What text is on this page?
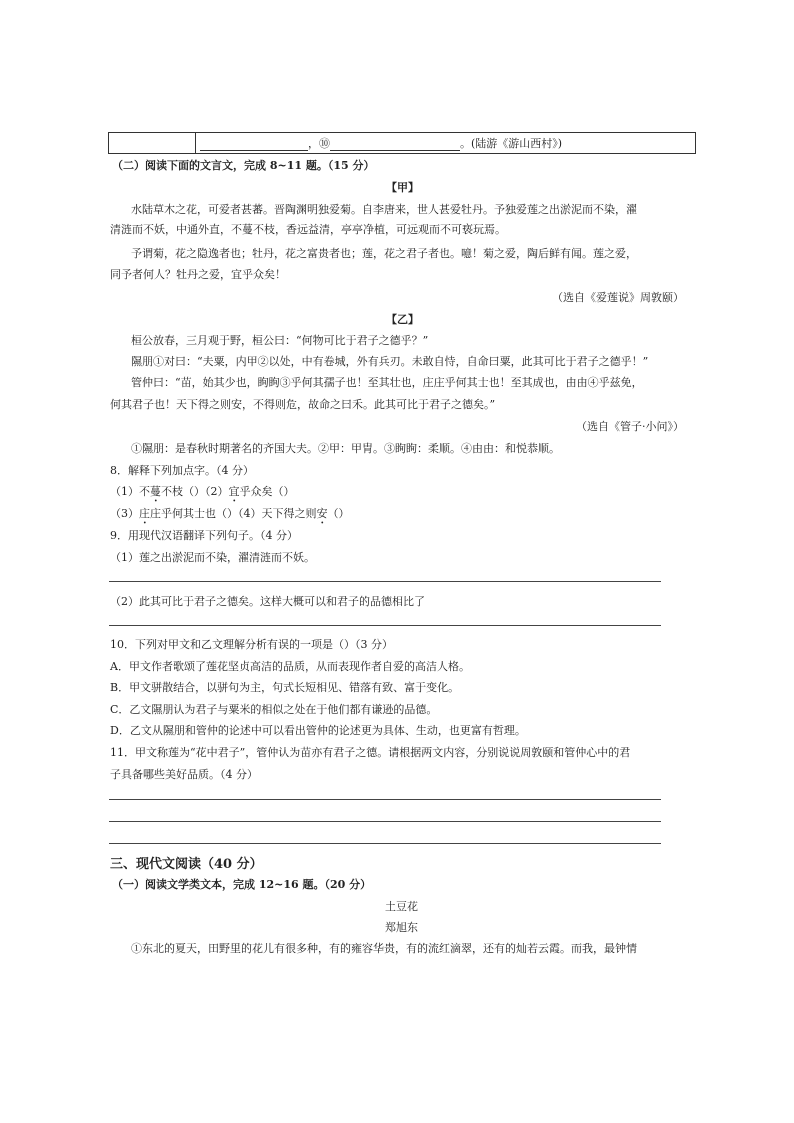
	，⑩	。(陆游《游山西村》)
（二）阅读下面的文言文，完成 8~11 题。（15 分）
【甲】
水陆草木之花，可爱者甚蕃。晋陶渊明独爱菊。自李唐来，世人甚爱牡丹。予独爱莲之出淤泥而不染，濯
清涟而不妖，中通外直，不蔓不枝，香远益清，亭亭净植，可远观而不可亵玩焉。
予谓菊，花之隐逸者也；牡丹，花之富贵者也；莲，花之君子者也。噫！菊之爱，陶后鲜有闻。莲之爱，
同予者何人？牡丹之爱，宜乎众矣！
（选自《爱莲说》周敦颐）
【乙】
桓公放春，三月观于野，桓公曰：“何物可比于君子之德乎？”
隰朋①对曰：“夫粟，内甲②以处，中有卷城，外有兵刃。未敢自恃，自命曰粟，此其可比于君子之德乎！”
管仲曰：“苗，始其少也，眴眴③乎何其孺子也！至其壮也，庄庄乎何其士也！至其成也，由由④乎兹免，
何其君子也！天下得之则安，不得则危，故命之曰禾。此其可比于君子之德矣。”
（选自《管子·小问》）
①隰朋：是春秋时期著名的齐国大夫。②甲：甲胄。③眴眴：柔顺。④由由：和悦恭顺。
8．解释下列加点字。（4 分）
（1）不蔓不枝（）（2）宜乎众矣（）
（3）庄庄乎何其士也（）（4）天下得之则安（）
9．用现代汉语翻译下列句子。（4 分）
（1）莲之出淤泥而不染，濯清涟而不妖。
（2）此其可比于君子之德矣。这样大概可以和君子的品德相比了
10．下列对甲文和乙文理解分析有误的一项是（）（3 分）
A．甲文作者歌颂了莲花坚贞高洁的品质，从而表现作者自爱的高洁人格。
B．甲文骈散结合，以骈句为主，句式长短相见、错落有致、富于变化。
C．乙文隰朋认为君子与粟米的相似之处在于他们都有谦逊的品德。
D．乙文从隰朋和管仲的论述中可以看出管仲的论述更为具体、生动，也更富有哲理。
11．甲文称莲为“花中君子”，管仲认为苗亦有君子之德。请根据两文内容，分别说说周敦颐和管仲心中的君
子具备哪些美好品质。（4 分）
三、现代文阅读（40 分）
（一）阅读文学类文本，完成 12~16 题。（20 分）
土豆花
郑旭东
①东北的夏天，田野里的花儿有很多种，有的雍容华贵，有的流红滴翠，还有的灿若云霞。而我，最钟情
